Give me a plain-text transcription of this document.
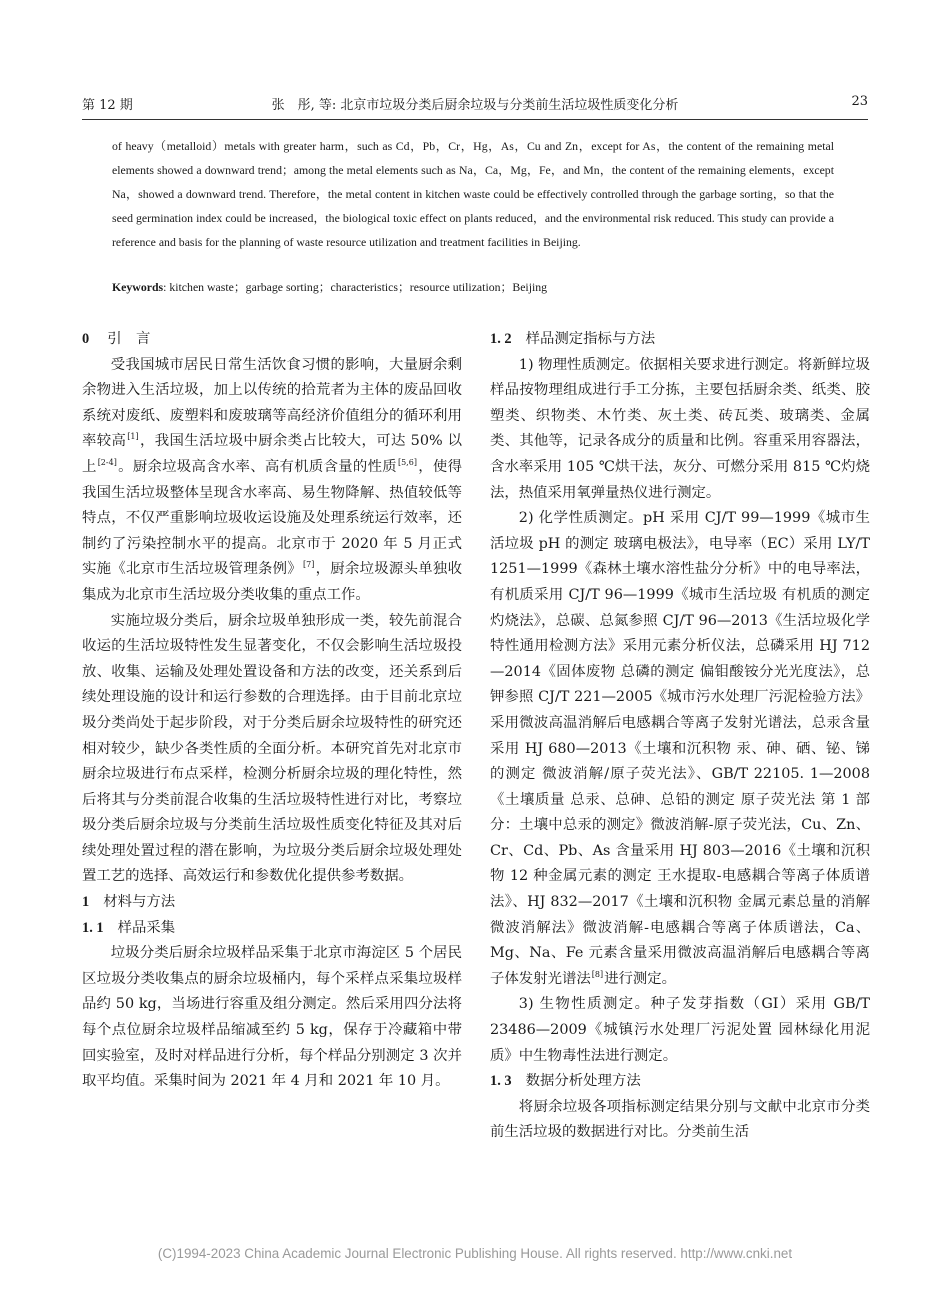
第 12 期	张　彤, 等: 北京市垃圾分类后厨余垃圾与分类前生活垃圾性质变化分析	23
of heavy（metalloid）metals with greater harm，such as Cd，Pb，Cr，Hg，As，Cu and Zn，except for As，the content of the remaining metal elements showed a downward trend；among the metal elements such as Na，Ca，Mg，Fe，and Mn，the content of the remaining elements，except Na，showed a downward trend. Therefore，the metal content in kitchen waste could be effectively controlled through the garbage sorting，so that the seed germination index could be increased，the biological toxic effect on plants reduced，and the environmental risk reduced. This study can provide a reference and basis for the planning of waste resource utilization and treatment facilities in Beijing.
Keywords: kitchen waste；garbage sorting；characteristics；resource utilization；Beijing
0 引　言

受我国城市居民日常生活饮食习惯的影响，大量厨余剩余物进入生活垃圾，加上以传统的拾荒者为主体的废品回收系统对废纸、废塑料和废玻璃等高经济价值组分的循环利用率较高[1]，我国生活垃圾中厨余类占比较大，可达 50% 以上[2-4]。厨余垃圾高含水率、高有机质含量的性质[5,6]，使得我国生活垃圾整体呈现含水率高、易生物降解、热值较低等特点，不仅严重影响垃圾收运设施及处理系统运行效率，还制约了污染控制水平的提高。北京市于 2020 年 5 月正式实施《北京市生活垃圾管理条例》[7]，厨余垃圾源头单独收集成为北京市生活垃圾分类收集的重点工作。

实施垃圾分类后，厨余垃圾单独形成一类，较先前混合收运的生活垃圾特性发生显著变化，不仅会影响生活垃圾投放、收集、运输及处理处置设备和方法的改变，还关系到后续处理设施的设计和运行参数的合理选择。由于目前北京垃圾分类尚处于起步阶段，对于分类后厨余垃圾特性的研究还相对较少，缺少各类性质的全面分析。本研究首先对北京市厨余垃圾进行布点采样，检测分析厨余垃圾的理化特性，然后将其与分类前混合收集的生活垃圾特性进行对比，考察垃圾分类后厨余垃圾与分类前生活垃圾性质变化特征及其对后续处理处置过程的潜在影响，为垃圾分类后厨余垃圾处理处置工艺的选择、高效运行和参数优化提供参考数据。

1 材料与方法
1. 1 样品采集

垃圾分类后厨余垃圾样品采集于北京市海淀区 5 个居民区垃圾分类收集点的厨余垃圾桶内，每个采样点采集垃圾样品约 50 kg，当场进行容重及组分测定。然后采用四分法将每个点位厨余垃圾样品缩减至约 5 kg，保存于冷藏箱中带回实验室，及时对样品进行分析，每个样品分别测定 3 次并取平均值。采集时间为 2021 年 4 月和 2021 年 10 月。

1. 2 样品测定指标与方法

1) 物理性质测定。依据相关要求进行测定。将新鲜垃圾样品按物理组成进行手工分拣，主要包括厨余类、纸类、胶塑类、织物类、木竹类、灰土类、砖瓦类、玻璃类、金属类、其他等，记录各成分的质量和比例。容重采用容器法，含水率采用 105 ℃烘干法，灰分、可燃分采用 815 ℃灼烧法，热值采用氧弹量热仪进行测定。

2) 化学性质测定。pH 采用 CJ/T 99—1999《城市生活垃圾 pH 的测定 玻璃电极法》，电导率（EC）采用 LY/T 1251—1999《森林土壤水溶性盐分分析》中的电导率法，有机质采用 CJ/T 96—1999《城市生活垃圾 有机质的测定 灼烧法》，总碳、总氮参照 CJ/T 96—2013《生活垃圾化学特性通用检测方法》采用元素分析仪法，总磷采用 HJ 712—2014《固体废物 总磷的测定 偏钼酸铵分光光度法》，总钾参照 CJ/T 221—2005《城市污水处理厂污泥检验方法》采用微波高温消解后电感耦合等离子发射光谱法，总汞含量采用 HJ 680—2013《土壤和沉积物 汞、砷、硒、铋、锑的测定 微波消解/原子荧光法》、GB/T 22105. 1—2008《土壤质量 总汞、总砷、总铅的测定 原子荧光法 第 1 部分：土壤中总汞的测定》微波消解-原子荧光法，Cu、Zn、Cr、Cd、Pb、As 含量采用 HJ 803—2016《土壤和沉积物 12 种金属元素的测定 王水提取-电感耦合等离子体质谱法》、HJ 832—2017《土壤和沉积物 金属元素总量的消解 微波消解法》微波消解-电感耦合等离子体质谱法，Ca、Mg、Na、Fe 元素含量采用微波高温消解后电感耦合等离子体发射光谱法[8]进行测定。

3) 生物性质测定。种子发芽指数（GI）采用 GB/T 23486—2009《城镇污水处理厂污泥处置 园林绿化用泥质》中生物毒性法进行测定。

1. 3 数据分析处理方法

将厨余垃圾各项指标测定结果分别与文献中北京市分类前生活垃圾的数据进行对比。分类前生活

(C)1994-2023 China Academic Journal Electronic Publishing House. All rights reserved. http://www.cnki.net
